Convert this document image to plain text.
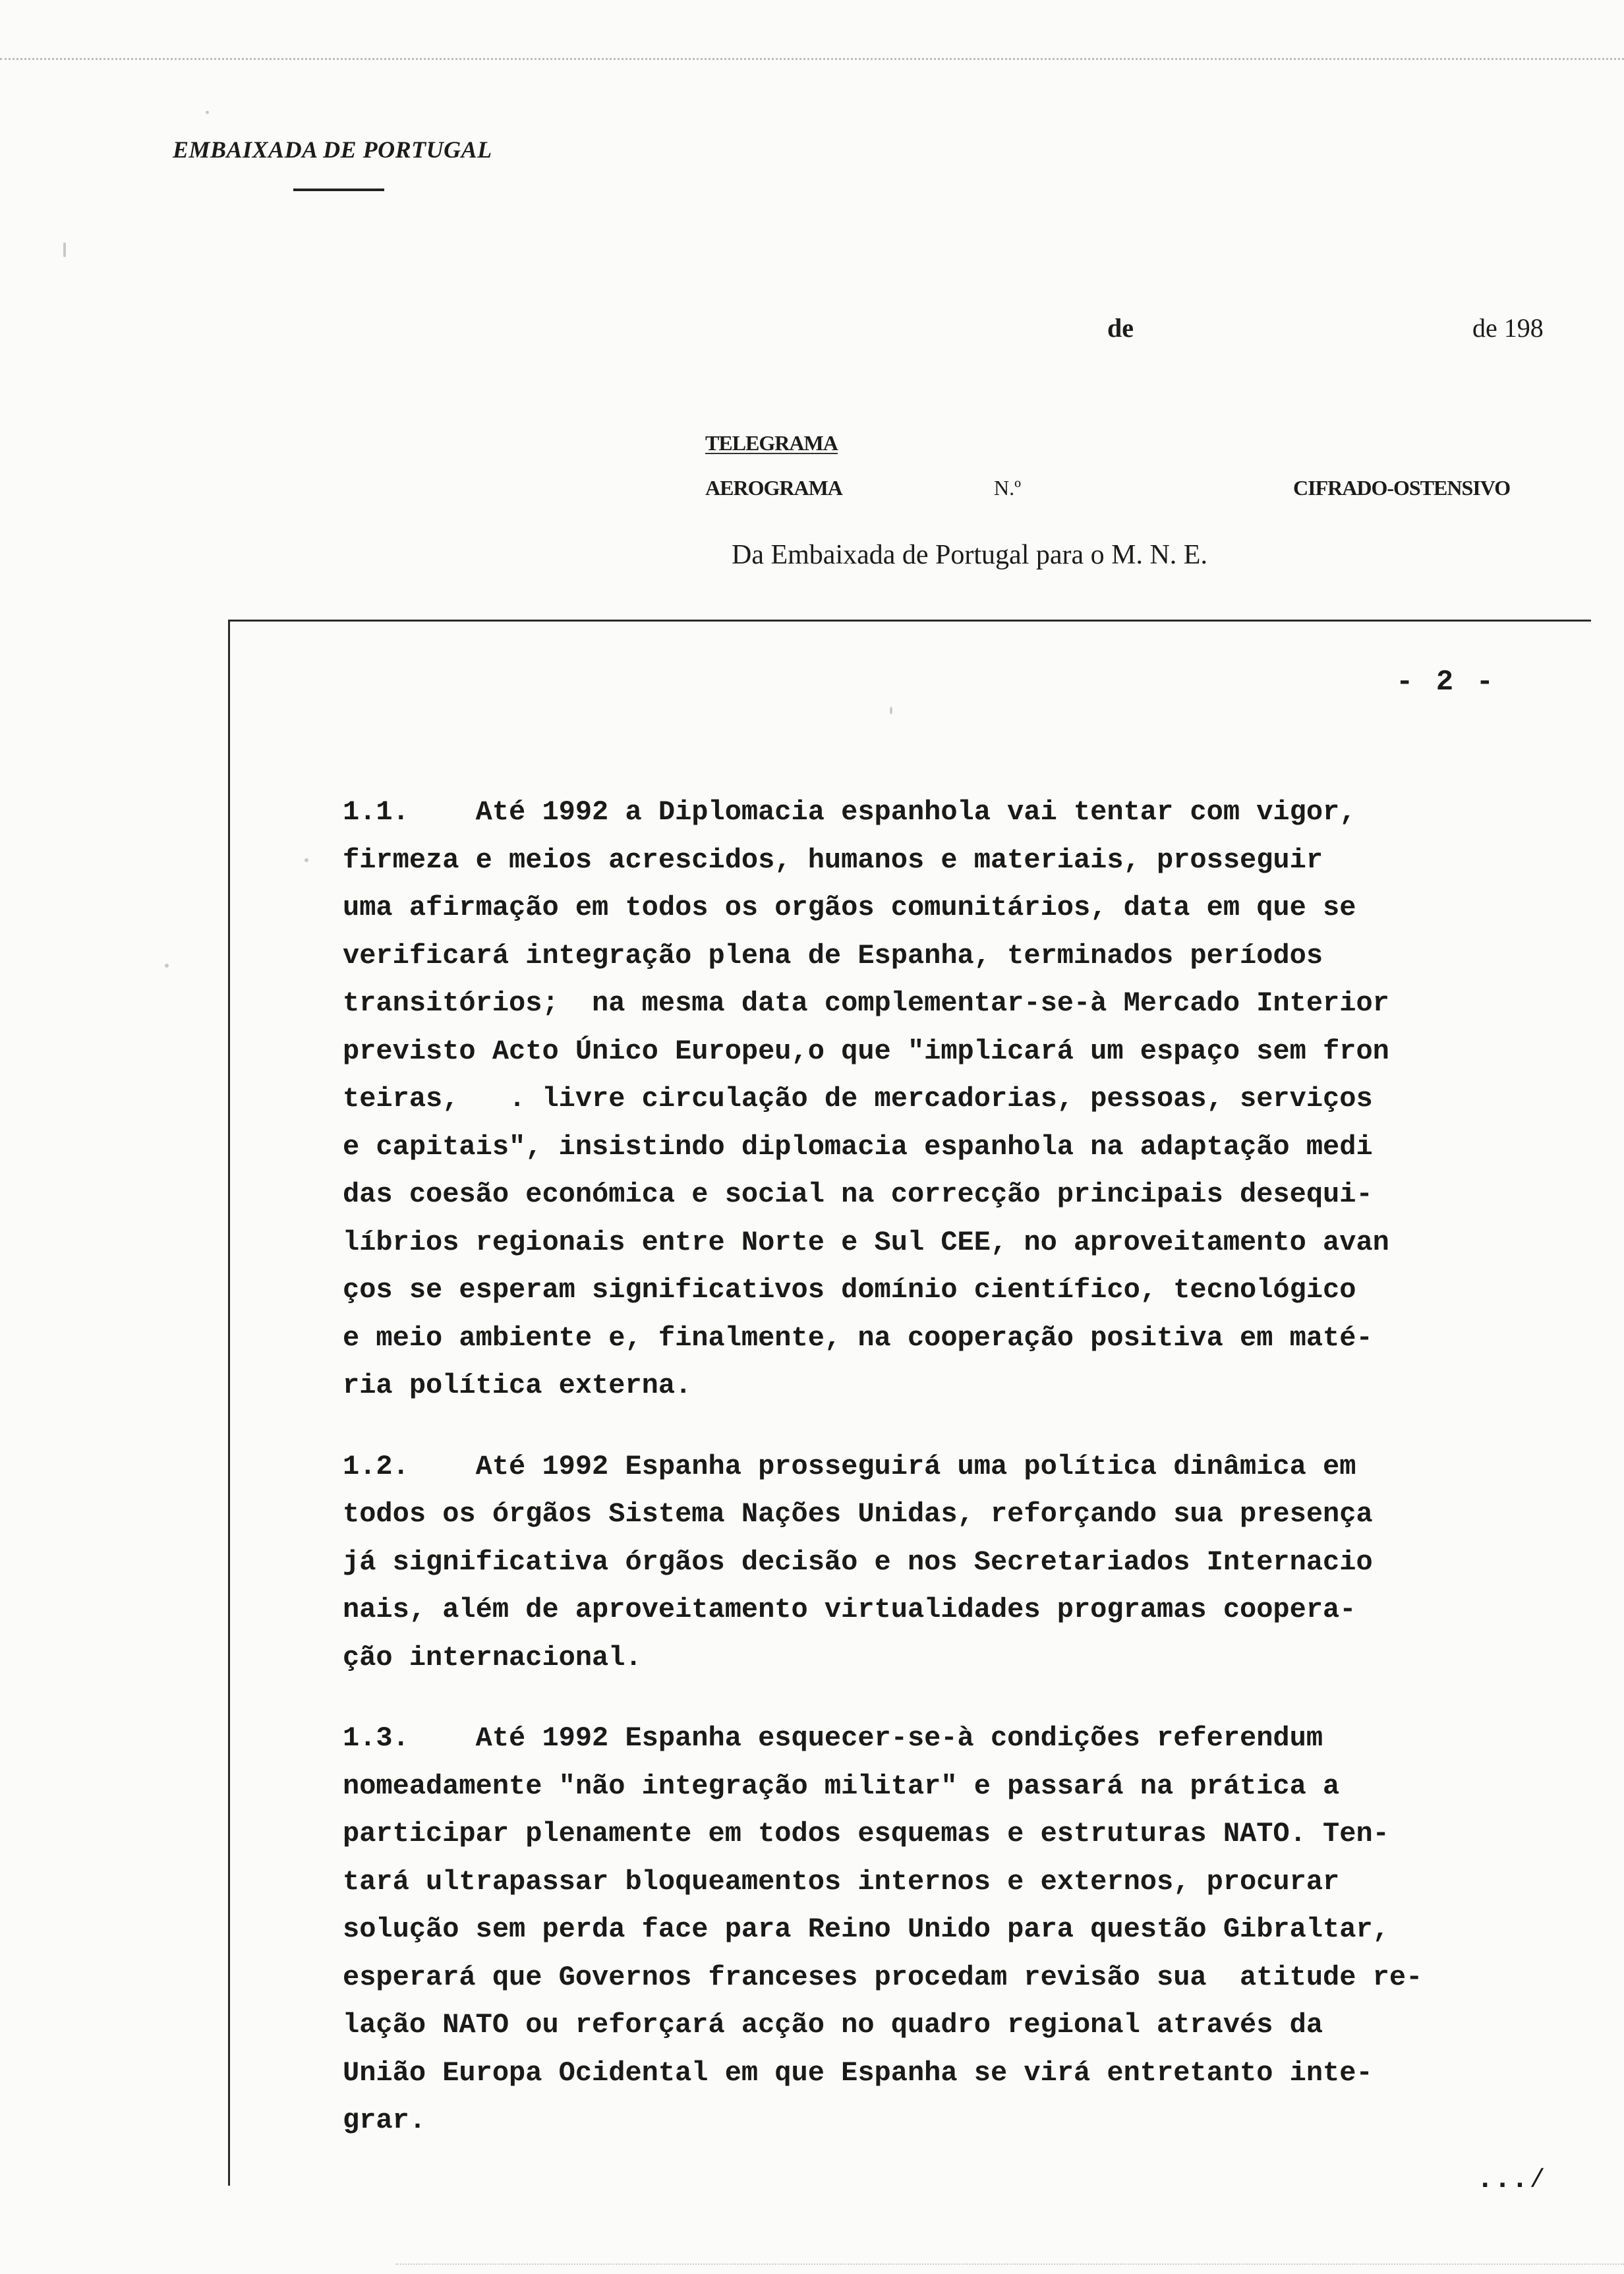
EMBAIXADA DE PORTUGAL
de	de 198
TELEGRAMA
AEROGRAMA	N.º	CIFRADO-OSTENSIVO
Da Embaixada de Portugal para o M. N. E.
- 2 -
1.1.    Até 1992 a Diplomacia espanhola vai tentar com vigor,
firmeza e meios acrescidos, humanos e materiais, prosseguir
uma afirmação em todos os orgãos comunitários, data em que se
verificará integração plena de Espanha, terminados períodos
transitórios;  na mesma data complementar-se-à Mercado Interior
previsto Acto Único Europeu,o que "implicará um espaço sem fron
teiras,   . livre circulação de mercadorias, pessoas, serviços
e capitais", insistindo diplomacia espanhola na adaptação medi
das coesão económica e social na correcção principais desequi-
líbrios regionais entre Norte e Sul CEE, no aproveitamento avan
ços se esperam significativos domínio científico, tecnológico
e meio ambiente e, finalmente, na cooperação positiva em maté-
ria política externa.
1.2.    Até 1992 Espanha prosseguirá uma política dinâmica em
todos os órgãos Sistema Nações Unidas, reforçando sua presença
já significativa órgãos decisão e nos Secretariados Internacio
nais, além de aproveitamento virtualidades programas coopera-
ção internacional.
1.3.    Até 1992 Espanha esquecer-se-à condições referendum
nomeadamente "não integração militar" e passará na prática a
participar plenamente em todos esquemas e estruturas NATO. Ten-
tará ultrapassar bloqueamentos internos e externos, procurar
solução sem perda face para Reino Unido para questão Gibraltar,
esperará que Governos franceses procedam revisão sua  atitude re-
lação NATO ou reforçará acção no quadro regional através da
União Europa Ocidental em que Espanha se virá entretanto inte-
grar.
...⁄
